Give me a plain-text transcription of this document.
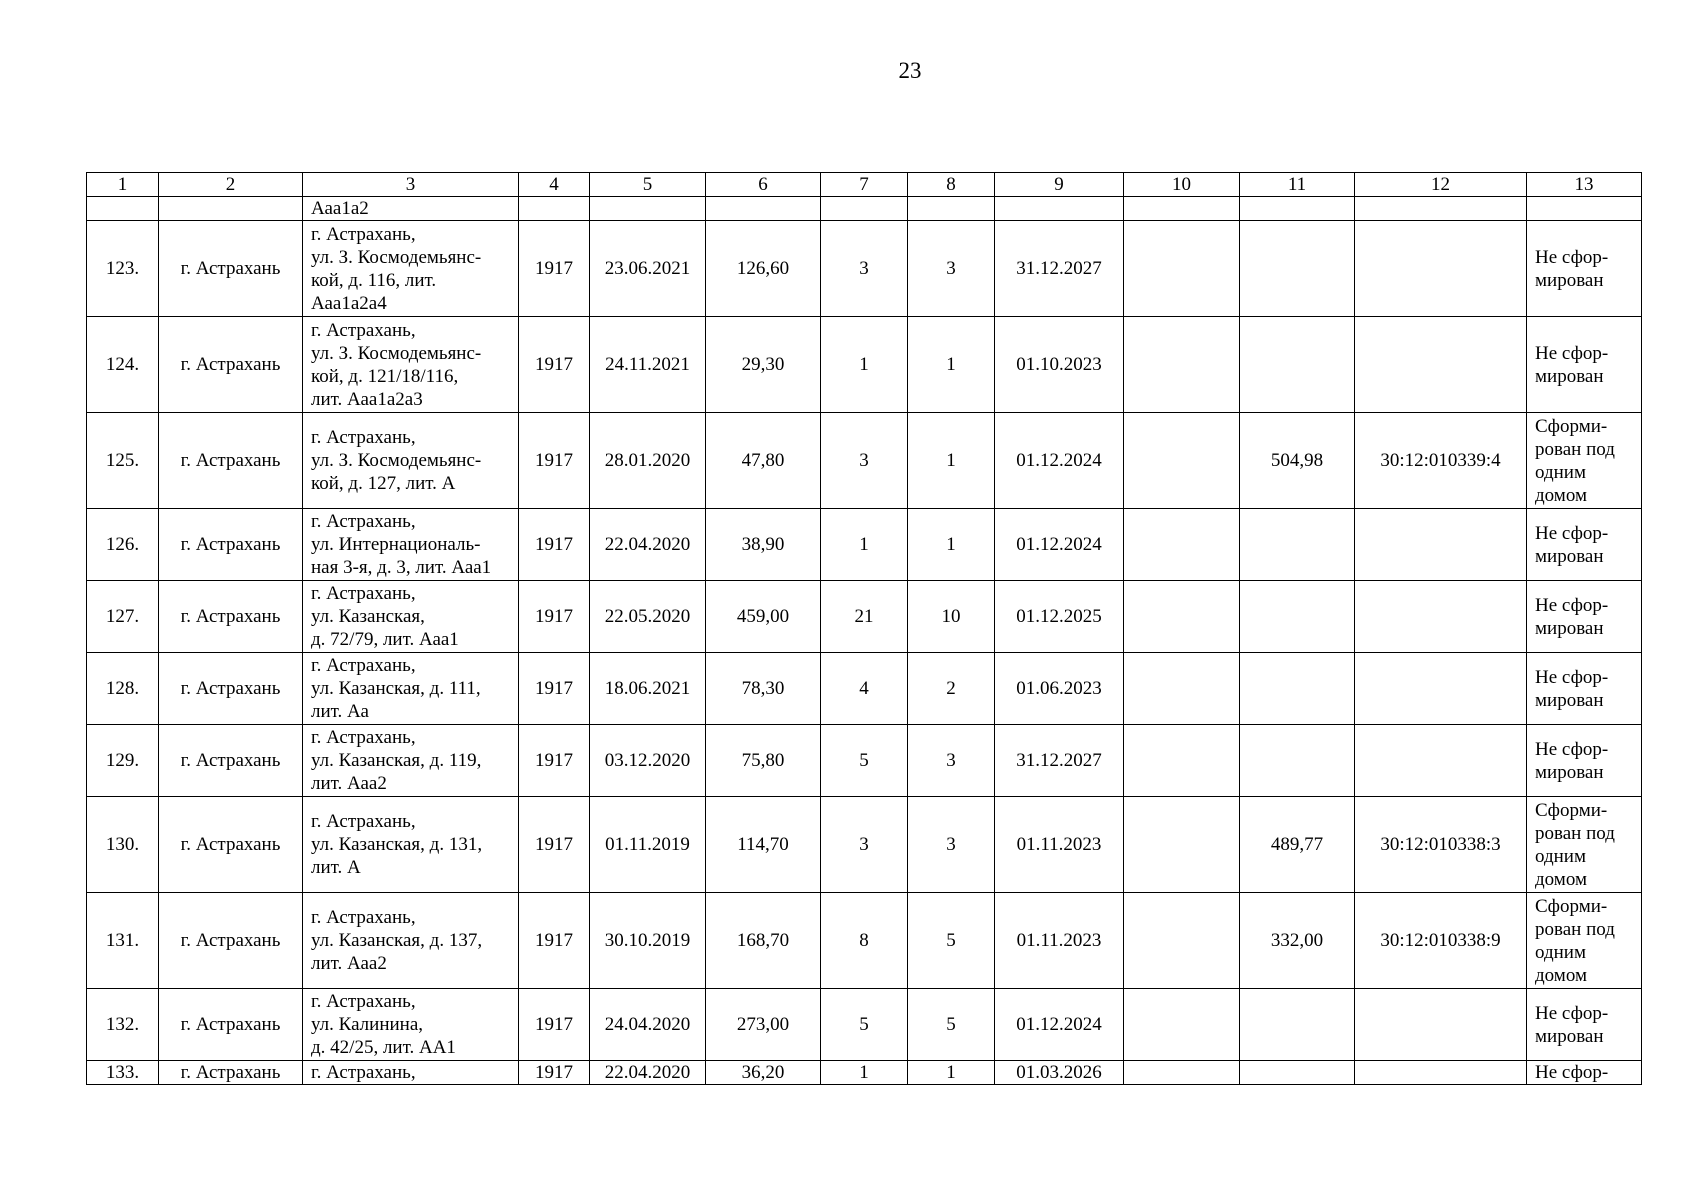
23
1	2	3	4	5	6	7	8	9	10	11	12	13

		Ааа1а2										

123.	г. Астрахань	г. Астрахань,
ул. З. Космодемьянс-
кой, д. 116, лит.
Ааа1а2а4	1917	23.06.2021	126,60	3	3	31.12.2027				Не сфор-
мирован

124.	г. Астрахань	г. Астрахань,
ул. З. Космодемьянс-
кой, д. 121/18/116,
лит. Ааа1а2а3	1917	24.11.2021	29,30	1	1	01.10.2023				Не сфор-
мирован

125.	г. Астрахань	г. Астрахань,
ул. З. Космодемьянс-
кой, д. 127, лит. А	1917	28.01.2020	47,80	3	1	01.12.2024		504,98	30:12:010339:4	Сформи-
рован под
одним
домом

126.	г. Астрахань	г. Астрахань,
ул. Интернациональ-
ная 3-я, д. 3, лит. Ааа1	1917	22.04.2020	38,90	1	1	01.12.2024				Не сфор-
мирован

127.	г. Астрахань	г. Астрахань,
ул. Казанская,
д. 72/79, лит. Ааа1	1917	22.05.2020	459,00	21	10	01.12.2025				Не сфор-
мирован

128.	г. Астрахань	г. Астрахань,
ул. Казанская, д. 111,
лит. Аа	1917	18.06.2021	78,30	4	2	01.06.2023				Не сфор-
мирован

129.	г. Астрахань	г. Астрахань,
ул. Казанская, д. 119,
лит. Ааа2	1917	03.12.2020	75,80	5	3	31.12.2027				Не сфор-
мирован

130.	г. Астрахань	г. Астрахань,
ул. Казанская, д. 131,
лит. А	1917	01.11.2019	114,70	3	3	01.11.2023		489,77	30:12:010338:3	Сформи-
рован под
одним
домом

131.	г. Астрахань	г. Астрахань,
ул. Казанская, д. 137,
лит. Ааа2	1917	30.10.2019	168,70	8	5	01.11.2023		332,00	30:12:010338:9	Сформи-
рован под
одним
домом

132.	г. Астрахань	г. Астрахань,
ул. Калинина,
д. 42/25, лит. АА1	1917	24.04.2020	273,00	5	5	01.12.2024				Не сфор-
мирован

133.	г. Астрахань	г. Астрахань,	1917	22.04.2020	36,20	1	1	01.03.2026				Не сфор-
